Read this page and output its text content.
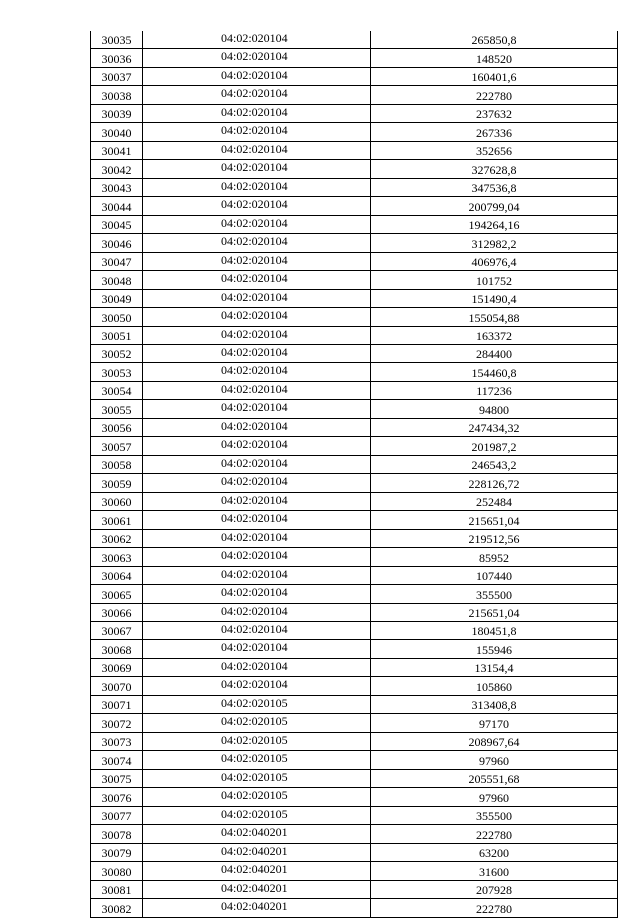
30035	04:02:020104	265850,8
30036	04:02:020104	148520
30037	04:02:020104	160401,6
30038	04:02:020104	222780
30039	04:02:020104	237632
30040	04:02:020104	267336
30041	04:02:020104	352656
30042	04:02:020104	327628,8
30043	04:02:020104	347536,8
30044	04:02:020104	200799,04
30045	04:02:020104	194264,16
30046	04:02:020104	312982,2
30047	04:02:020104	406976,4
30048	04:02:020104	101752
30049	04:02:020104	151490,4
30050	04:02:020104	155054,88
30051	04:02:020104	163372
30052	04:02:020104	284400
30053	04:02:020104	154460,8
30054	04:02:020104	117236
30055	04:02:020104	94800
30056	04:02:020104	247434,32
30057	04:02:020104	201987,2
30058	04:02:020104	246543,2
30059	04:02:020104	228126,72
30060	04:02:020104	252484
30061	04:02:020104	215651,04
30062	04:02:020104	219512,56
30063	04:02:020104	85952
30064	04:02:020104	107440
30065	04:02:020104	355500
30066	04:02:020104	215651,04
30067	04:02:020104	180451,8
30068	04:02:020104	155946
30069	04:02:020104	13154,4
30070	04:02:020104	105860
30071	04:02:020105	313408,8
30072	04:02:020105	97170
30073	04:02:020105	208967,64
30074	04:02:020105	97960
30075	04:02:020105	205551,68
30076	04:02:020105	97960
30077	04:02:020105	355500
30078	04:02:040201	222780
30079	04:02:040201	63200
30080	04:02:040201	31600
30081	04:02:040201	207928
30082	04:02:040201	222780
